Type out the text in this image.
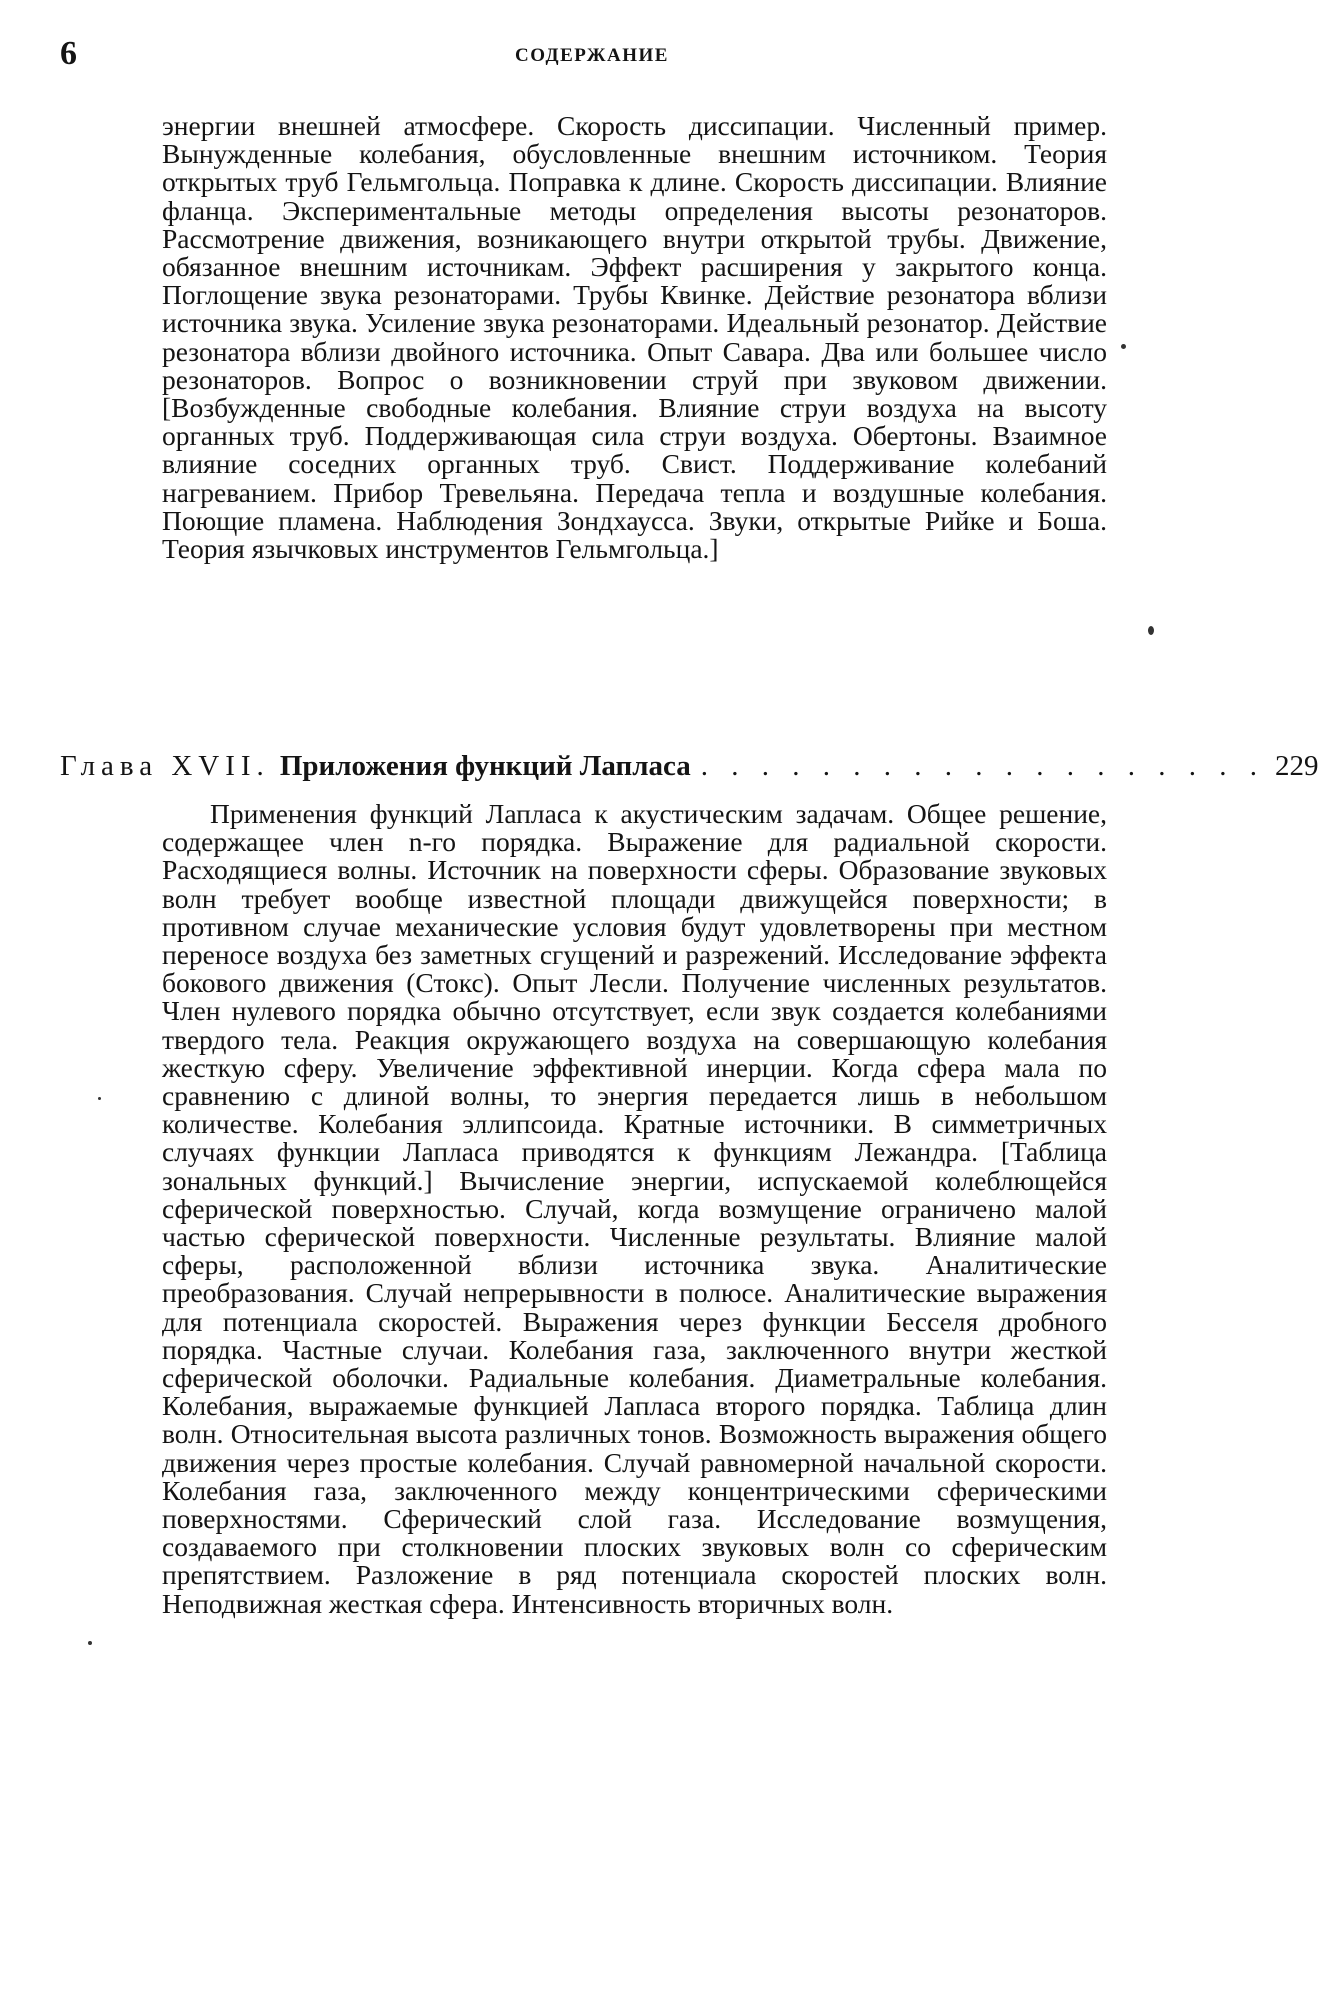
6	СОДЕРЖАНИЕ
энергии внешней атмосфере. Скорость диссипации. Численный пример. Вынужденные колебания, обусловленные внешним источником. Теория открытых труб Гельмгольца. Поправка к длине. Скорость диссипации. Влияние фланца. Экспериментальные методы определения высоты резонаторов. Рассмотрение движения, возникающего внутри открытой трубы. Движение, обязанное внешним источникам. Эффект расширения у закрытого конца. Поглощение звука резонаторами. Трубы Квинке. Действие резонатора вблизи источника звука. Усиление звука резонаторами. Идеальный резонатор. Действие резонатора вблизи двойного источника. Опыт Савара. Два или большее число резонаторов. Вопрос о возникновении струй при звуковом движении. [Возбужденные свободные колебания. Влияние струи воздуха на высоту органных труб. Поддерживающая сила струи воздуха. Обертоны. Взаимное влияние соседних органных труб. Свист. Поддерживание колебаний нагреванием. Прибор Тревельяна. Передача тепла и воздушные колебания. Поющие пламена. Наблюдения Зондхаусса. Звуки, открытые Рийке и Боша. Теория язычковых инструментов Гельмгольца.]
Глава XVII. Приложения функций Лапласа . . . . . . . . . . . . . . . . . . . 229
Применения функций Лапласа к акустическим задачам. Общее решение, содержащее член n-го порядка. Выражение для радиальной скорости. Расходящиеся волны. Источник на поверхности сферы. Образование звуковых волн требует вообще известной площади движущейся поверхности; в противном случае механические условия будут удовлетворены при местном переносе воздуха без заметных сгущений и разрежений. Исследование эффекта бокового движения (Стокс). Опыт Лесли. Получение численных результатов. Член нулевого порядка обычно отсутствует, если звук создается колебаниями твердого тела. Реакция окружающего воздуха на совершающую колебания жесткую сферу. Увеличение эффективной инерции. Когда сфера мала по сравнению с длиной волны, то энергия передается лишь в небольшом количестве. Колебания эллипсоида. Кратные источники. В симметричных случаях функции Лапласа приводятся к функциям Лежандра. [Таблица зональных функций.] Вычисление энергии, испускаемой колеблющейся сферической поверхностью. Случай, когда возмущение ограничено малой частью сферической поверхности. Численные результаты. Влияние малой сферы, расположенной вблизи источника звука. Аналитические преобразования. Случай непрерывности в полюсе. Аналитические выражения для потенциала скоростей. Выражения через функции Бесселя дробного порядка. Частные случаи. Колебания газа, заключенного внутри жесткой сферической оболочки. Радиальные колебания. Диаметральные колебания. Колебания, выражаемые функцией Лапласа второго порядка. Таблица длин волн. Относительная высота различных тонов. Возможность выражения общего движения через простые колебания. Случай равномерной начальной скорости. Колебания газа, заключенного между концентрическими сферическими поверхностями. Сферический слой газа. Исследование возмущения, создаваемого при столкновении плоских звуковых волн со сферическим препятствием. Разложение в ряд потенциала скоростей плоских волн. Неподвижная жесткая сфера. Интенсивность вторичных волн.
